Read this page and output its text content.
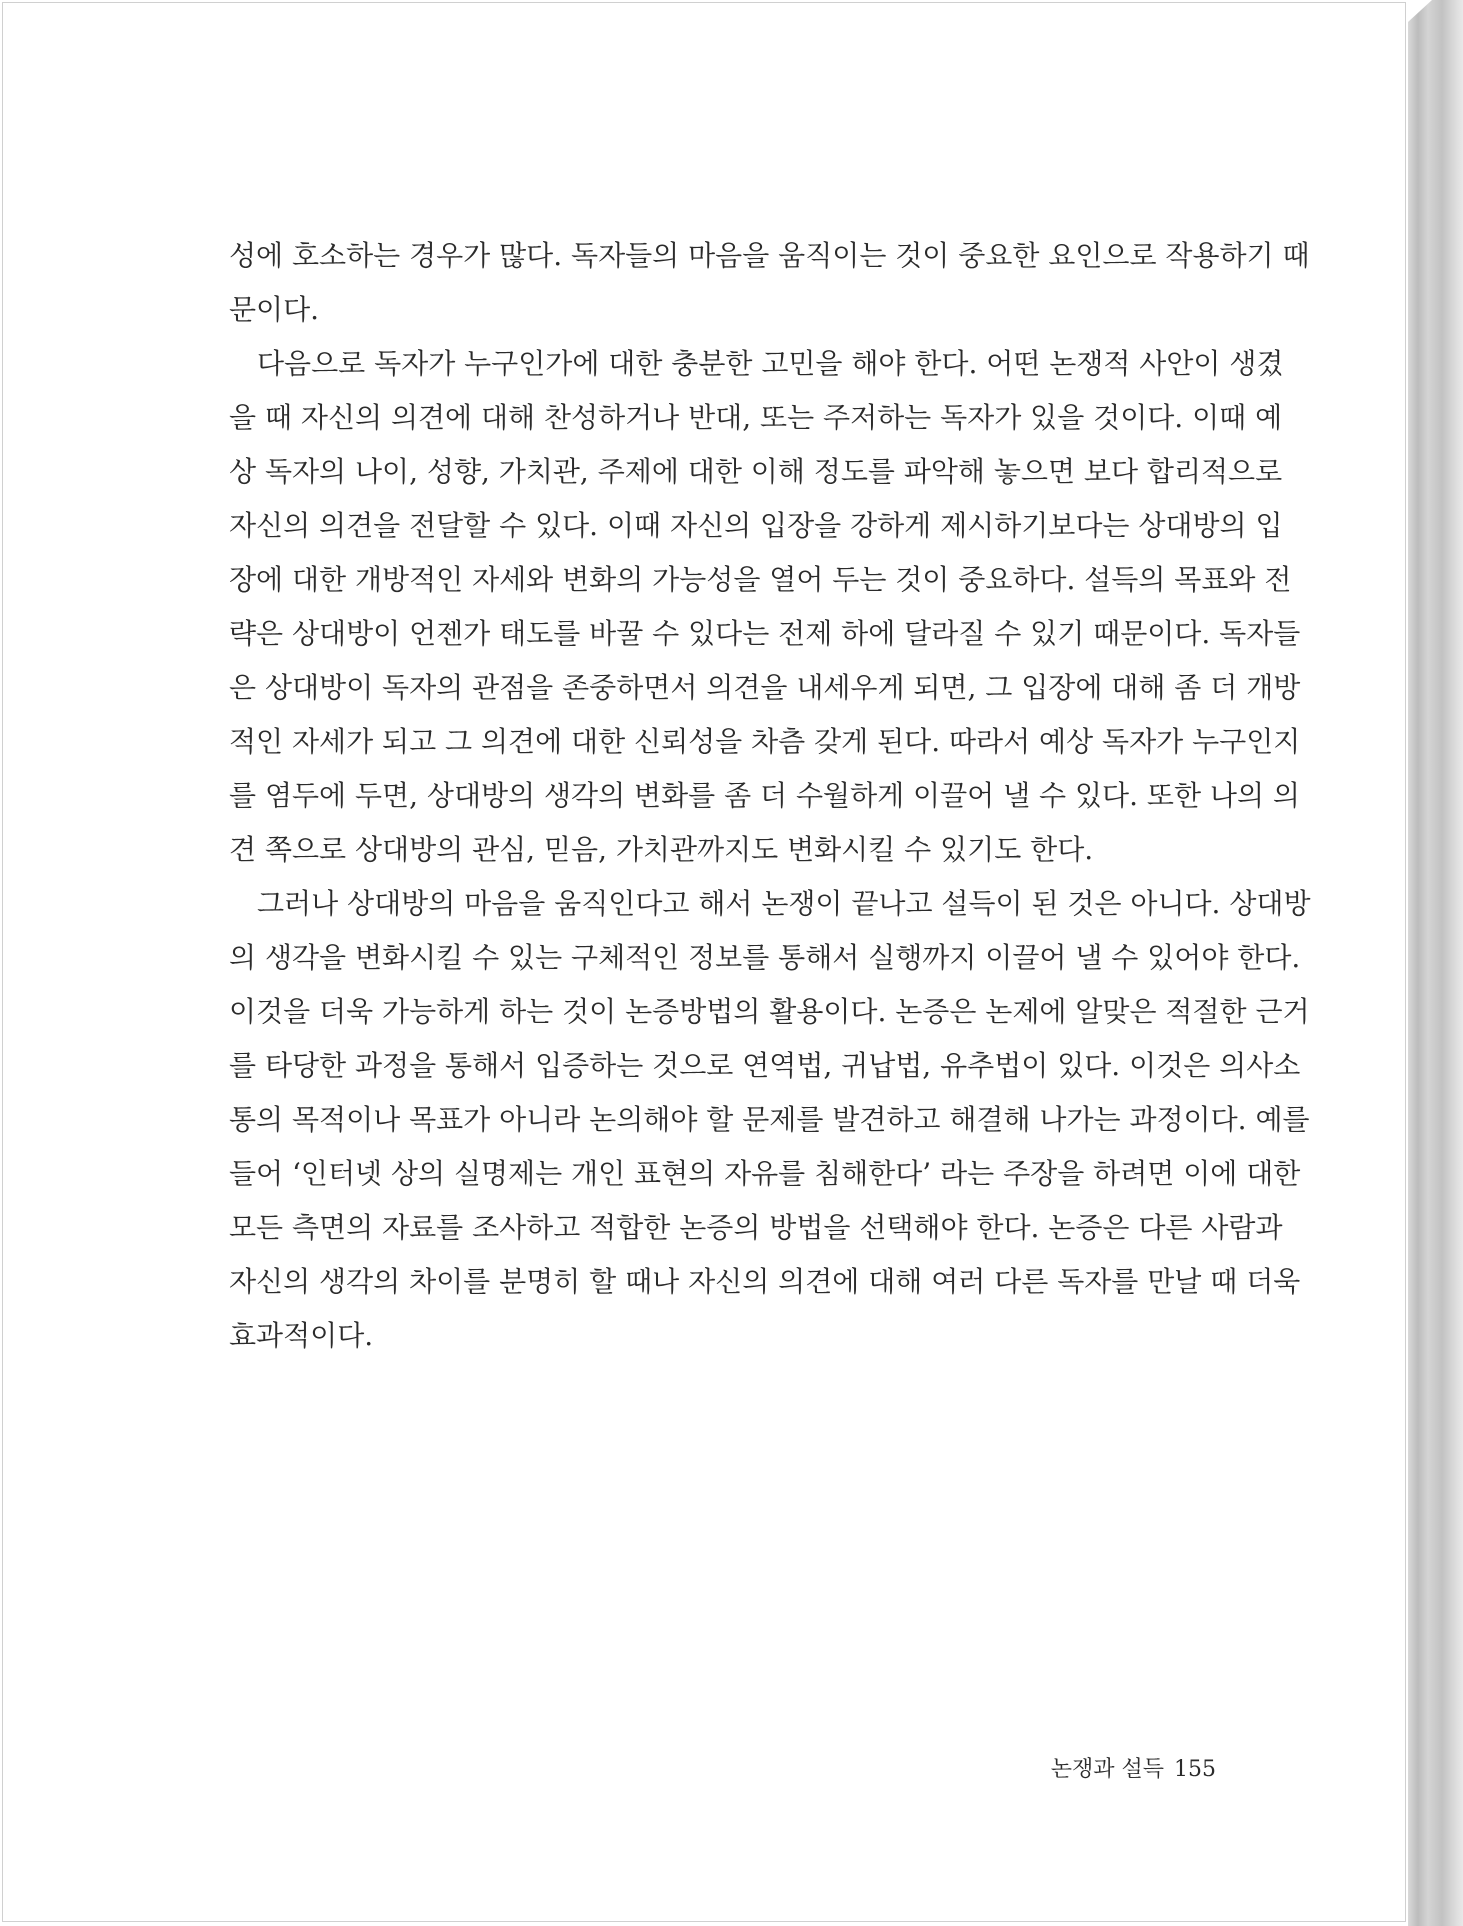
성에 호소하는 경우가 많다. 독자들의 마음을 움직이는 것이 중요한 요인으로 작용하기 때
문이다.
다음으로 독자가 누구인가에 대한 충분한 고민을 해야 한다. 어떤 논쟁적 사안이 생겼
을 때 자신의 의견에 대해 찬성하거나 반대, 또는 주저하는 독자가 있을 것이다. 이때 예
상 독자의 나이, 성향, 가치관, 주제에 대한 이해 정도를 파악해 놓으면 보다 합리적으로
자신의 의견을 전달할 수 있다. 이때 자신의 입장을 강하게 제시하기보다는 상대방의 입
장에 대한 개방적인 자세와 변화의 가능성을 열어 두는 것이 중요하다. 설득의 목표와 전
략은 상대방이 언젠가 태도를 바꿀 수 있다는 전제 하에 달라질 수 있기 때문이다. 독자들
은 상대방이 독자의 관점을 존중하면서 의견을 내세우게 되면, 그 입장에 대해 좀 더 개방
적인 자세가 되고 그 의견에 대한 신뢰성을 차츰 갖게 된다. 따라서 예상 독자가 누구인지
를 염두에 두면, 상대방의 생각의 변화를 좀 더 수월하게 이끌어 낼 수 있다. 또한 나의 의
견 쪽으로 상대방의 관심, 믿음, 가치관까지도 변화시킬 수 있기도 한다.
그러나 상대방의 마음을 움직인다고 해서 논쟁이 끝나고 설득이 된 것은 아니다. 상대방
의 생각을 변화시킬 수 있는 구체적인 정보를 통해서 실행까지 이끌어 낼 수 있어야 한다.
이것을 더욱 가능하게 하는 것이 논증방법의 활용이다. 논증은 논제에 알맞은 적절한 근거
를 타당한 과정을 통해서 입증하는 것으로 연역법, 귀납법, 유추법이 있다. 이것은 의사소
통의 목적이나 목표가 아니라 논의해야 할 문제를 발견하고 해결해 나가는 과정이다. 예를
들어 ‘인터넷 상의 실명제는 개인 표현의 자유를 침해한다’ 라는 주장을 하려면 이에 대한
모든 측면의 자료를 조사하고 적합한 논증의 방법을 선택해야 한다. 논증은 다른 사람과
자신의 생각의 차이를 분명히 할 때나 자신의 의견에 대해 여러 다른 독자를 만날 때 더욱
효과적이다.
논쟁과 설득 155
